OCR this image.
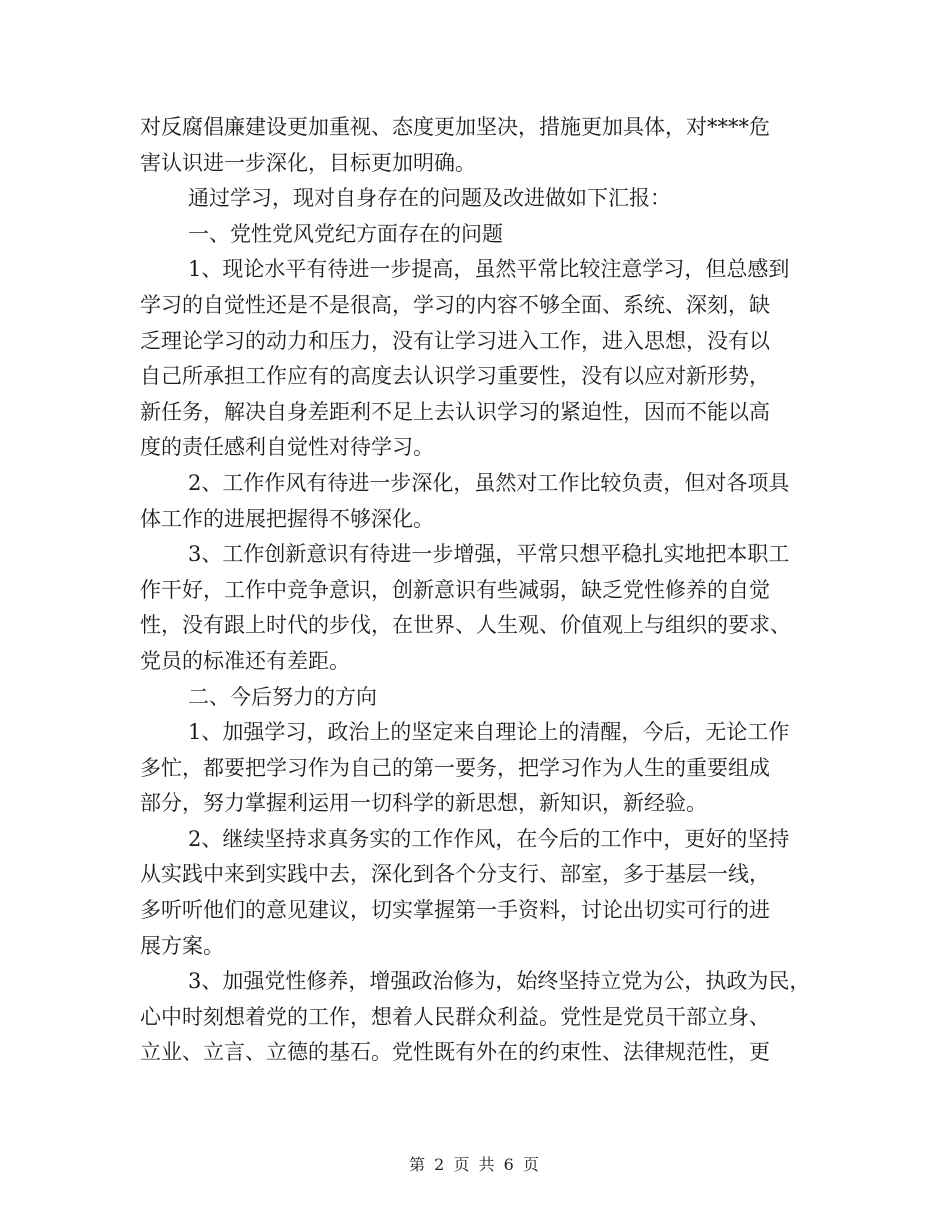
对反腐倡廉建设更加重视、态度更加坚决，措施更加具体，对****危

害认识进一步深化，目标更加明确。

通过学习，现对自身存在的问题及改进做如下汇报：

一、党性党风党纪方面存在的问题

1、现论水平有待进一步提高，虽然平常比较注意学习，但总感到

学习的自觉性还是不是很高，学习的内容不够全面、系统、深刻，缺

乏理论学习的动力和压力，没有让学习进入工作，进入思想，没有以

自己所承担工作应有的高度去认识学习重要性，没有以应对新形势，

新任务，解决自身差距利不足上去认识学习的紧迫性，因而不能以高

度的责任感利自觉性对待学习。

2、工作作风有待进一步深化，虽然对工作比较负责，但对各项具

体工作的进展把握得不够深化。

3、工作创新意识有待进一步增强，平常只想平稳扎实地把本职工

作干好，工作中竞争意识，创新意识有些减弱，缺乏党性修养的自觉

性，没有跟上时代的步伐，在世界、人生观、价值观上与组织的要求、

党员的标准还有差距。

二、今后努力的方向

1、加强学习，政治上的坚定来自理论上的清醒，今后，无论工作

多忙，都要把学习作为自己的第一要务，把学习作为人生的重要组成

部分，努力掌握利运用一切科学的新思想，新知识，新经验。

2、继续坚持求真务实的工作作风，在今后的工作中，更好的坚持

从实践中来到实践中去，深化到各个分支行、部室，多于基层一线，

多听听他们的意见建议，切实掌握第一手资料，讨论出切实可行的进

展方案。

3、加强党性修养，增强政治修为，始终坚持立党为公，执政为民，

心中时刻想着党的工作，想着人民群众利益。党性是党员干部立身、

立业、立言、立德的基石。党性既有外在的约束性、法律规范性，更

第 2 页 共 6 页
